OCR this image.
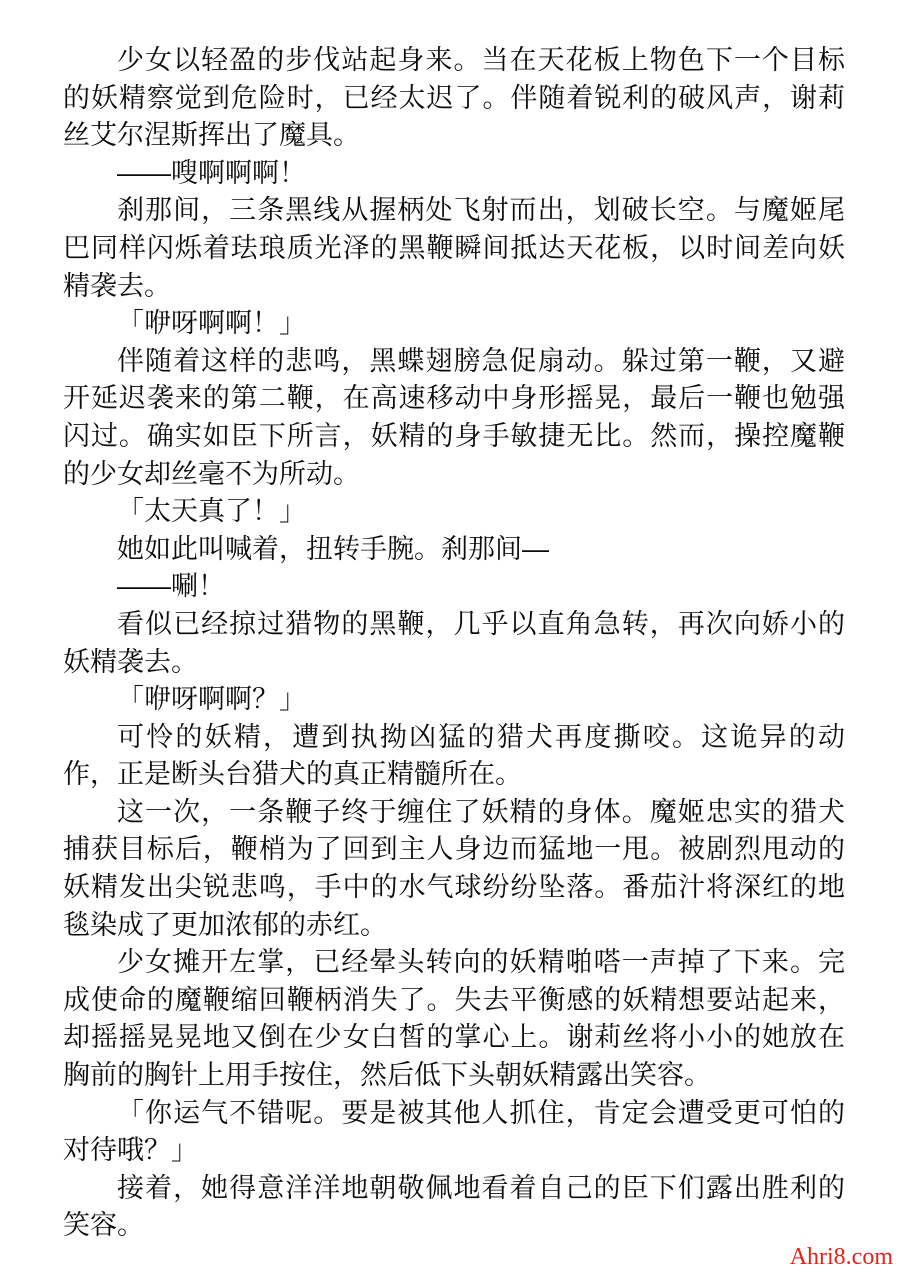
少女以轻盈的步伐站起身来。当在天花板上物色下一个目标的妖精察觉到危险时，已经太迟了。伴随着锐利的破风声，谢莉丝艾尔涅斯挥出了魔具。

——嗖啊啊啊！

刹那间，三条黑线从握柄处飞射而出，划破长空。与魔姬尾巴同样闪烁着珐琅质光泽的黑鞭瞬间抵达天花板，以时间差向妖精袭去。

「咿呀啊啊！」

伴随着这样的悲鸣，黑蝶翅膀急促扇动。躲过第一鞭，又避开延迟袭来的第二鞭，在高速移动中身形摇晃，最后一鞭也勉强闪过。确实如臣下所言，妖精的身手敏捷无比。然而，操控魔鞭的少女却丝毫不为所动。

「太天真了！」

她如此叫喊着，扭转手腕。刹那间—

——唰！

看似已经掠过猎物的黑鞭，几乎以直角急转，再次向娇小的妖精袭去。

「咿呀啊啊？」

可怜的妖精，遭到执拗凶猛的猎犬再度撕咬。这诡异的动作，正是断头台猎犬的真正精髓所在。

这一次，一条鞭子终于缠住了妖精的身体。魔姬忠实的猎犬捕获目标后，鞭梢为了回到主人身边而猛地一甩。被剧烈甩动的妖精发出尖锐悲鸣，手中的水气球纷纷坠落。番茄汁将深红的地毯染成了更加浓郁的赤红。

少女摊开左掌，已经晕头转向的妖精啪嗒一声掉了下来。完成使命的魔鞭缩回鞭柄消失了。失去平衡感的妖精想要站起来，却摇摇晃晃地又倒在少女白皙的掌心上。谢莉丝将小小的她放在胸前的胸针上用手按住，然后低下头朝妖精露出笑容。

「你运气不错呢。要是被其他人抓住，肯定会遭受更可怕的对待哦？」

接着，她得意洋洋地朝敬佩地看着自己的臣下们露出胜利的笑容。

Ahri8.com
